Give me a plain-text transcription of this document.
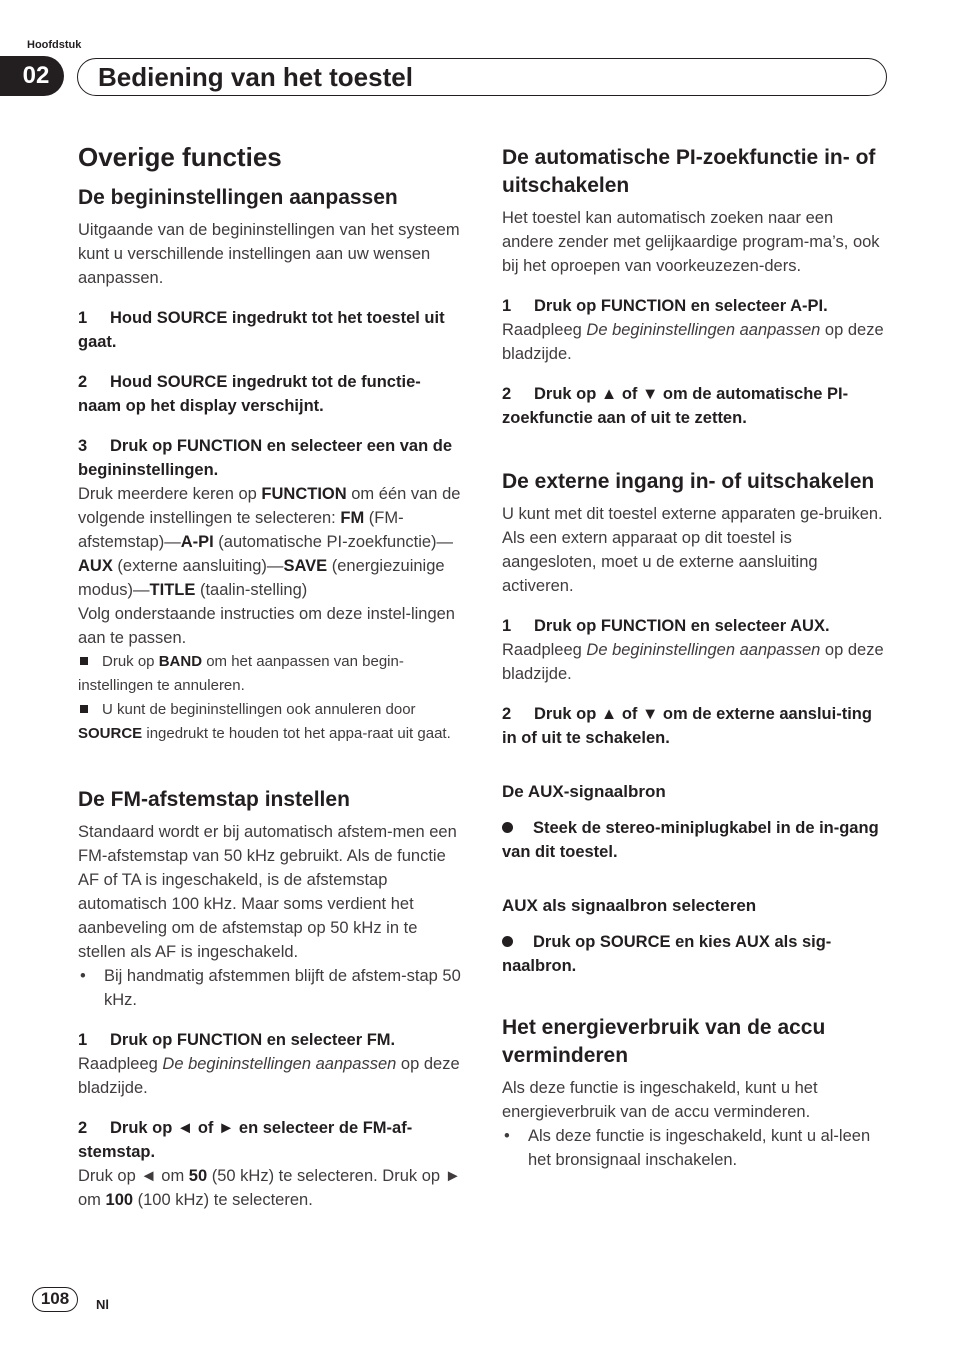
Hoofdstuk
02	Bediening van het toestel
Overige functies
De begininstellingen aanpassen

Uitgaande van de begininstellingen van het systeem kunt u verschillende instellingen aan uw wensen aanpassen.

1 Houd SOURCE ingedrukt tot het toestel uit gaat.

2 Houd SOURCE ingedrukt tot de functie-naam op het display verschijnt.

3 Druk op FUNCTION en selecteer een van de begininstellingen.

Druk meerdere keren op FUNCTION om één van de volgende instellingen te selecteren: FM (FM-afstemstap)—A-PI (automatische PI-zoekfunctie)—AUX (externe aansluiting)—SAVE (energiezuinige modus)—TITLE (taalin-stelling)

Volg onderstaande instructies om deze instel-lingen aan te passen.

Druk op BAND om het aanpassen van begin-instellingen te annuleren.

U kunt de begininstellingen ook annuleren door SOURCE ingedrukt te houden tot het appa-raat uit gaat.

De FM-afstemstap instellen

Standaard wordt er bij automatisch afstem-men een FM-afstemstap van 50 kHz gebruikt. Als de functie AF of TA is ingeschakeld, is de afstemstap automatisch 100 kHz. Maar soms verdient het aanbeveling om de afstemstap op 50 kHz in te stellen als AF is ingeschakeld.

• Bij handmatig afstemmen blijft de afstem-stap 50 kHz.

1 Druk op FUNCTION en selecteer FM.

Raadpleeg De begininstellingen aanpassen op deze bladzijde.

2 Druk op ◄ of ► en selecteer de FM-af-stemstap.

Druk op ◄ om 50 (50 kHz) te selecteren. Druk op ► om 100 (100 kHz) te selecteren.

De automatische PI-zoekfunctie in- of uitschakelen

Het toestel kan automatisch zoeken naar een andere zender met gelijkaardige program-ma’s, ook bij het oproepen van voorkeuzezen-ders.

1 Druk op FUNCTION en selecteer A-PI.

Raadpleeg De begininstellingen aanpassen op deze bladzijde.

2 Druk op ▲ of ▼ om de automatische PI-zoekfunctie aan of uit te zetten.

De externe ingang in- of uitschakelen

U kunt met dit toestel externe apparaten ge-bruiken. Als een extern apparaat op dit toestel is aangesloten, moet u de externe aansluiting activeren.

1 Druk op FUNCTION en selecteer AUX.

Raadpleeg De begininstellingen aanpassen op deze bladzijde.

2 Druk op ▲ of ▼ om de externe aanslui-ting in of uit te schakelen.

De AUX-signaalbron

Steek de stereo-miniplugkabel in de in-gang van dit toestel.

AUX als signaalbron selecteren

Druk op SOURCE en kies AUX als sig-naalbron.

Het energieverbruik van de accu verminderen

Als deze functie is ingeschakeld, kunt u het energieverbruik van de accu verminderen.

• Als deze functie is ingeschakeld, kunt u al-leen het bronsignaal inschakelen.

108	Nl
